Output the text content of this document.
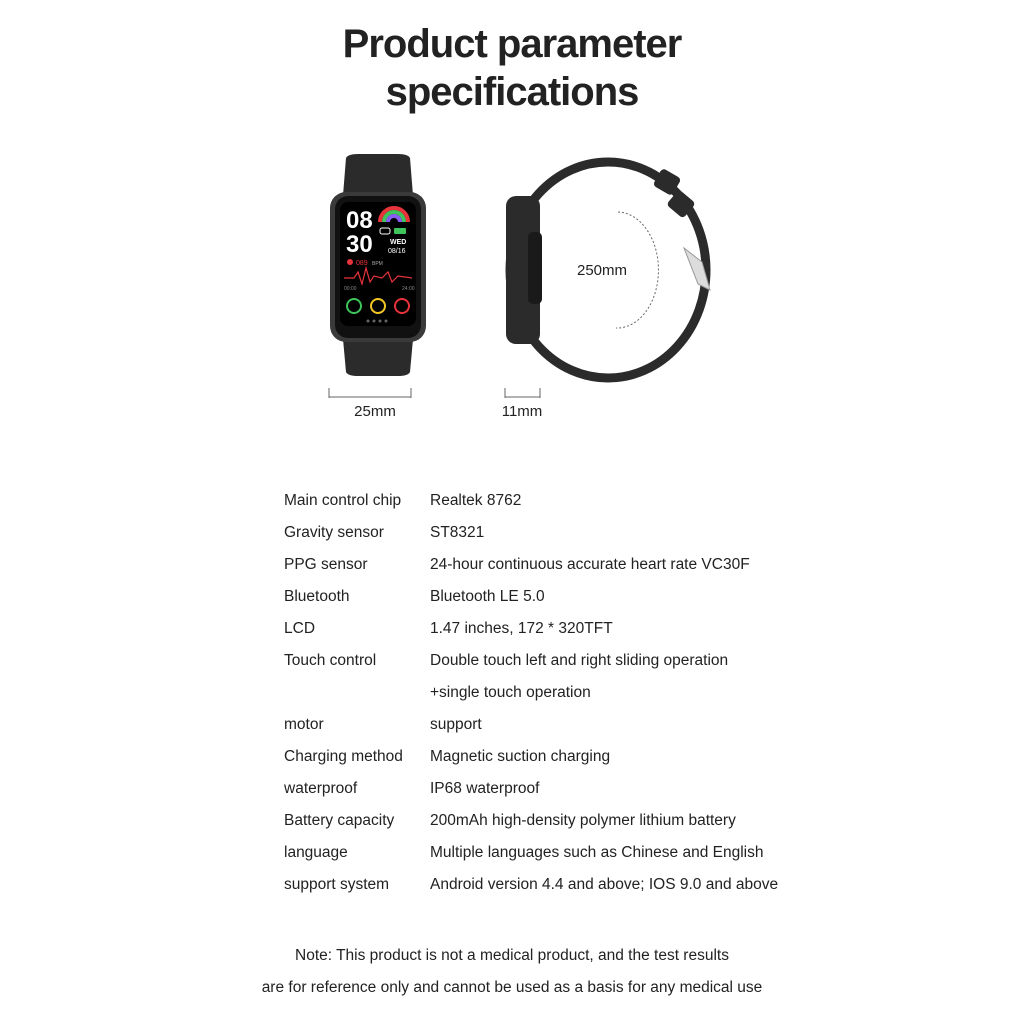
Product parameter
specifications
08
30 WED
08/16
089 BPM
00:00	24:00
25mm
250mm
11mm
Main control chip	Realtek 8762
Gravity sensor	ST8321
PPG sensor	24-hour continuous accurate heart rate VC30F
Bluetooth	Bluetooth LE 5.0
LCD	1.47 inches, 172 * 320TFT
Touch control	Double touch left and right sliding operation
	+single touch operation
motor	support
Charging method	Magnetic suction charging
waterproof	IP68 waterproof
Battery capacity	200mAh high-density polymer lithium battery
language	Multiple languages such as Chinese and English
support system	Android version 4.4 and above; IOS 9.0 and above
Note: This product is not a medical product, and the test results
are for reference only and cannot be used as a basis for any medical use
